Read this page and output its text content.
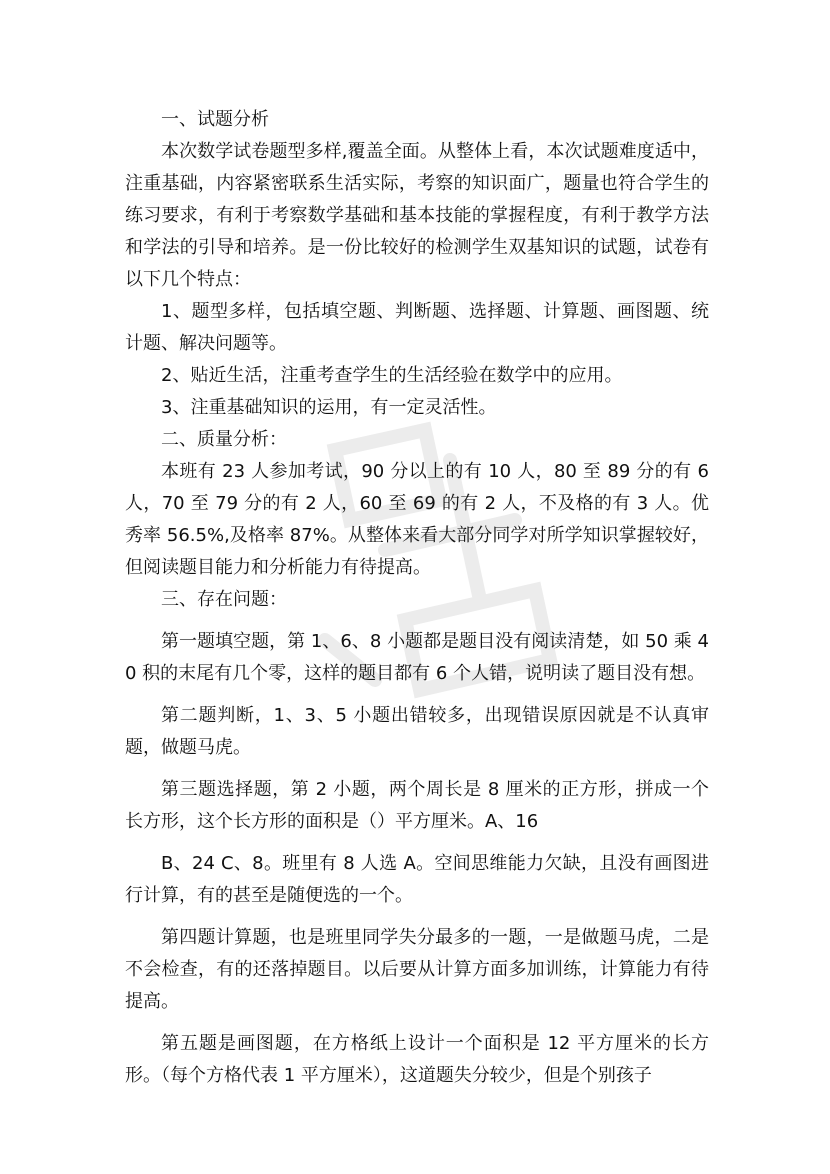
一、试题分析

本次数学试卷题型多样,覆盖全面。从整体上看，本次试题难度适中，注重基础，内容紧密联系生活实际，考察的知识面广，题量也符合学生的练习要求，有利于考察数学基础和基本技能的掌握程度，有利于教学方法和学法的引导和培养。是一份比较好的检测学生双基知识的试题，试卷有以下几个特点：

1、题型多样，包括填空题、判断题、选择题、计算题、画图题、统计题、解决问题等。

2、贴近生活，注重考查学生的生活经验在数学中的应用。

3、注重基础知识的运用，有一定灵活性。

二、质量分析：

本班有 23 人参加考试，90 分以上的有 10 人，80 至 89 分的有 6 人，70 至 79 分的有 2 人，60 至 69 的有 2 人，不及格的有 3 人。优秀率 56.5%,及格率 87%。从整体来看大部分同学对所学知识掌握较好，但阅读题目能力和分析能力有待提高。

三、存在问题：

第一题填空题，第 1、6、8 小题都是题目没有阅读清楚，如 50 乘 40 积的末尾有几个零，这样的题目都有 6 个人错，说明读了题目没有想。

第二题判断，1、3、5 小题出错较多，出现错误原因就是不认真审题，做题马虎。

第三题选择题，第 2 小题，两个周长是 8 厘米的正方形，拼成一个长方形，这个长方形的面积是（）平方厘米。A、16

B、24 C、8。班里有 8 人选 A。空间思维能力欠缺，且没有画图进行计算，有的甚至是随便选的一个。

第四题计算题，也是班里同学失分最多的一题，一是做题马虎，二是不会检查，有的还落掉题目。以后要从计算方面多加训练，计算能力有待提高。

第五题是画图题，在方格纸上设计一个面积是 12 平方厘米的长方形。（每个方格代表 1 平方厘米），这道题失分较少，但是个别孩子
